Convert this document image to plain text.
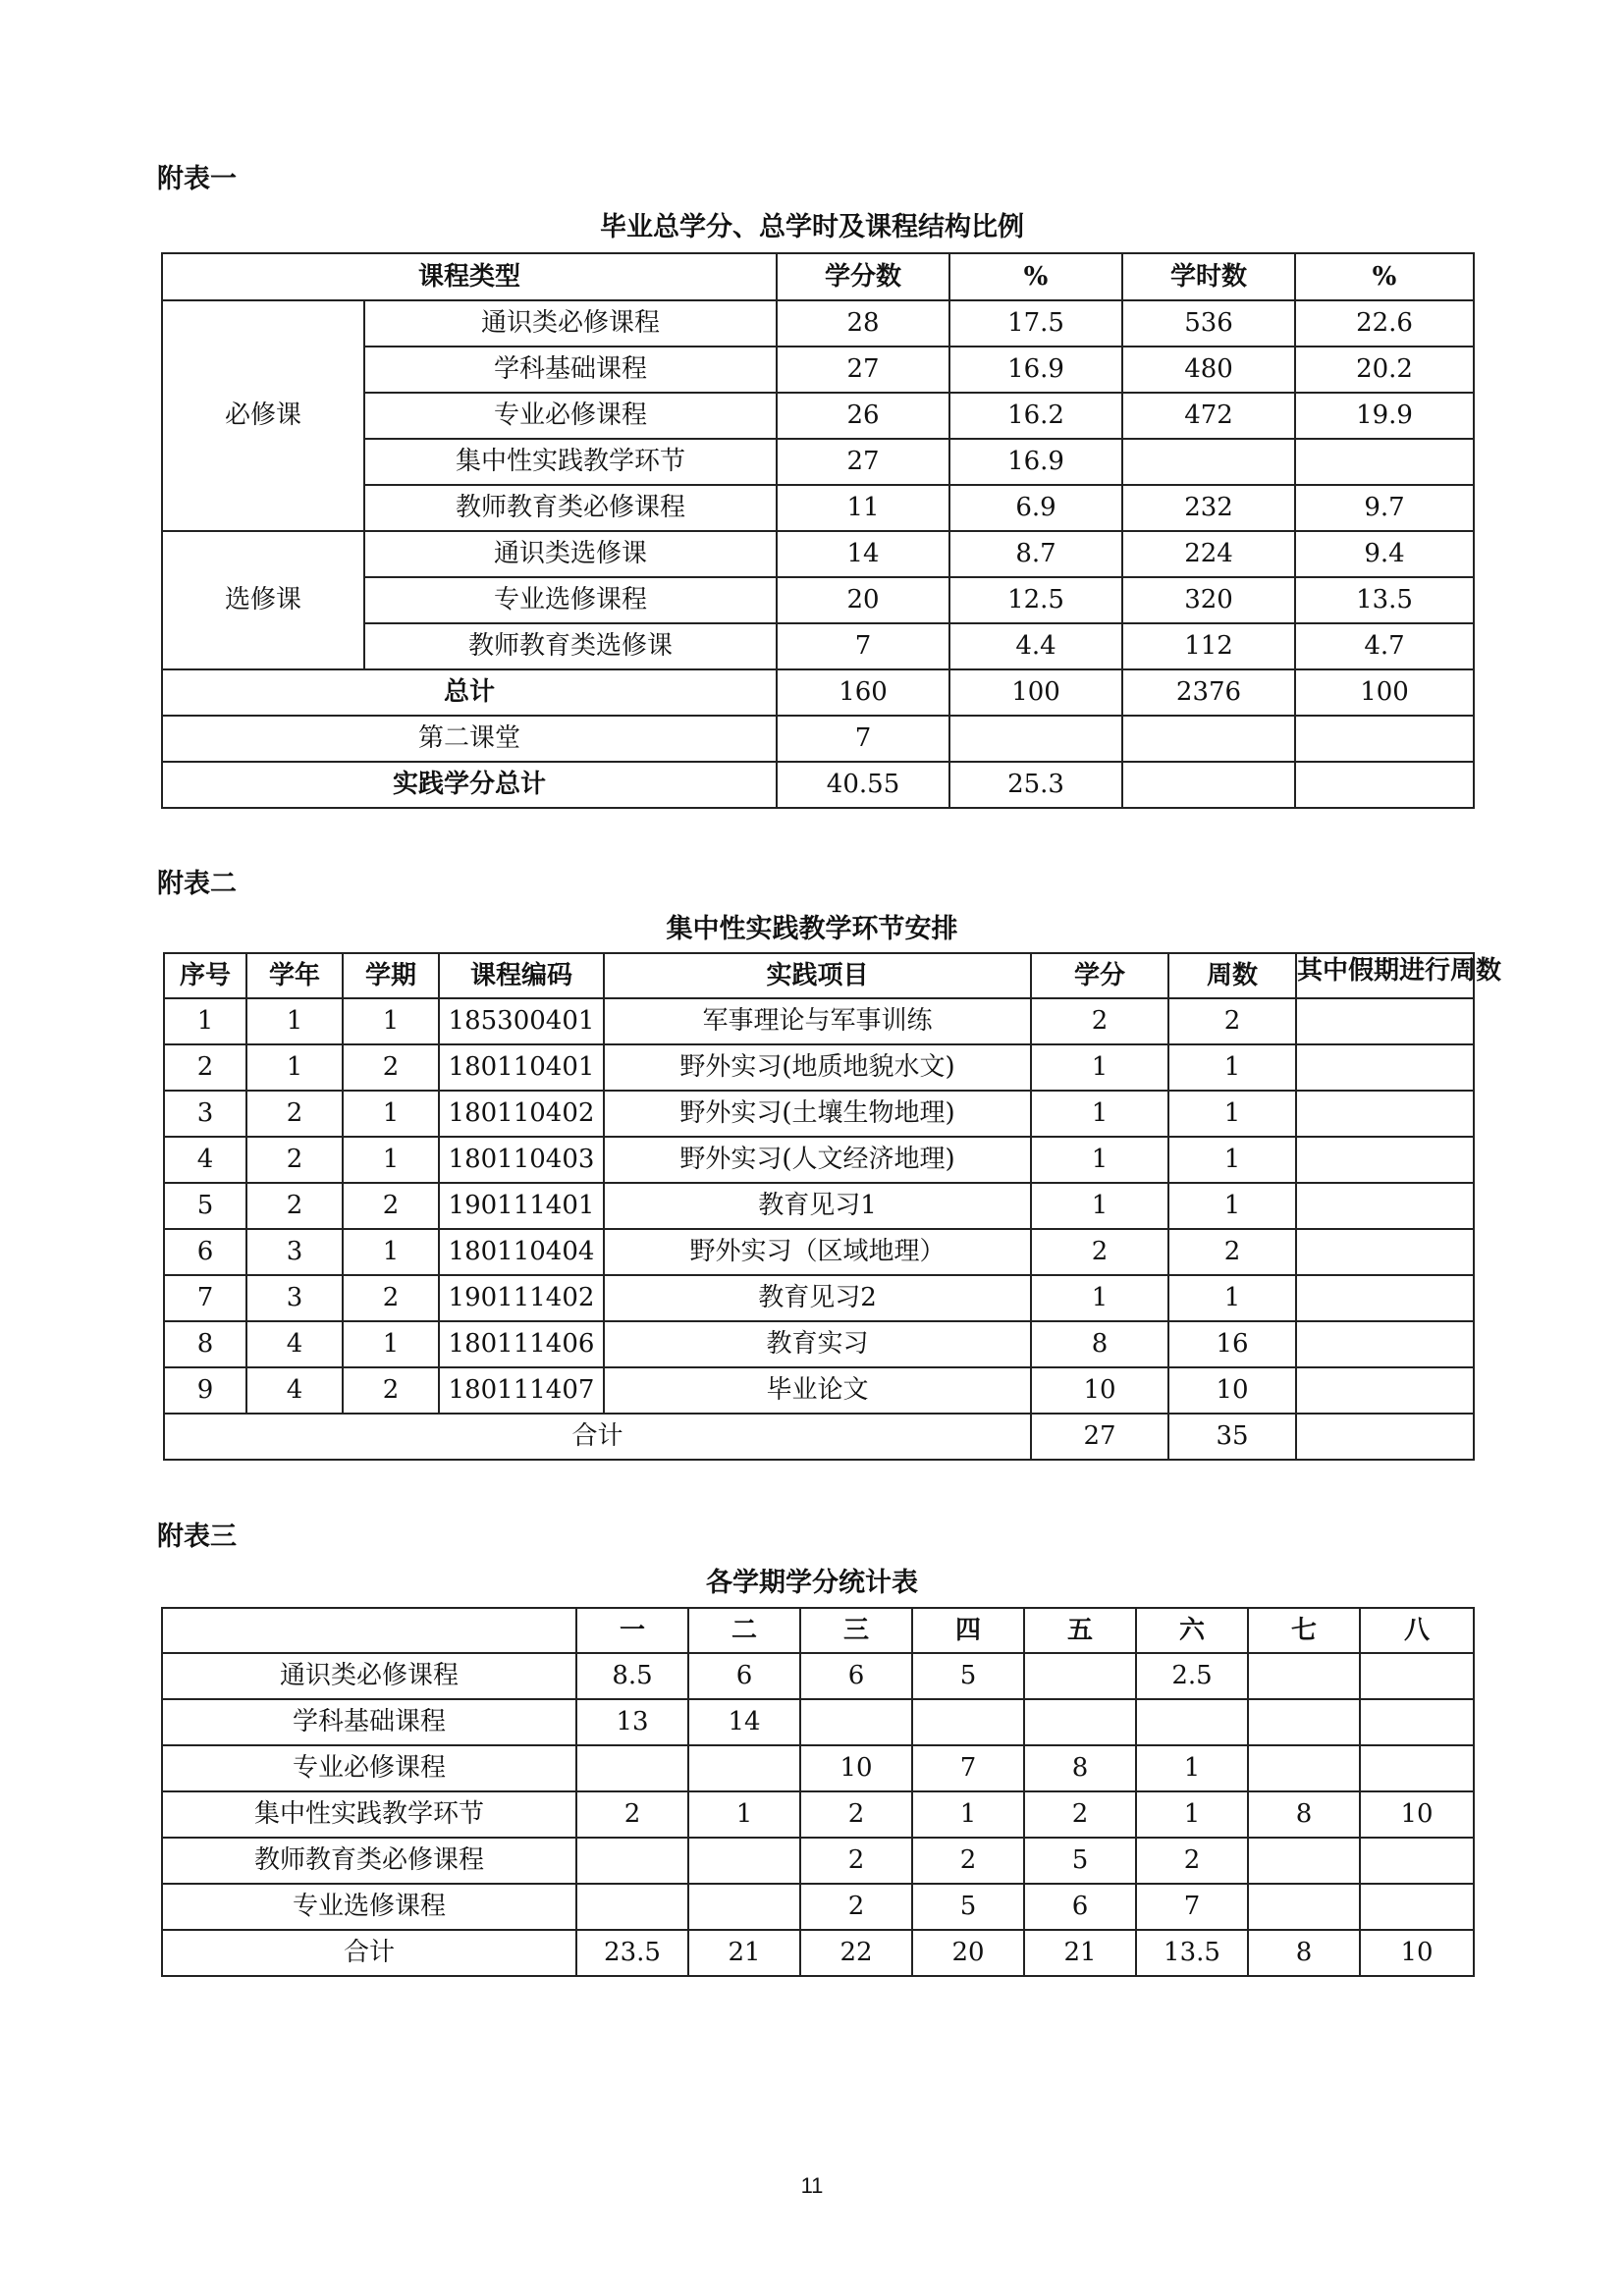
附表一
毕业总学分、总学时及课程结构比例
课程类型		学分数	%	学时数	%
必修课	通识类必修课程	28	17.5	536	22.6
	学科基础课程	27	16.9	480	20.2
	专业必修课程	26	16.2	472	19.9
	集中性实践教学环节	27	16.9		
	教师教育类必修课程	11	6.9	232	9.7
选修课	通识类选修课	14	8.7	224	9.4
	专业选修课程	20	12.5	320	13.5
	教师教育类选修课	7	4.4	112	4.7
总计		160	100	2376	100
第二课堂		7			
实践学分总计		40.55	25.3		
附表二
集中性实践教学环节安排
序号	学年	学期	课程编码	实践项目	学分	周数	其中假期进行周数

1	1	1	185300401	军事理论与军事训练	2	2	
2	1	2	180110401	野外实习(地质地貌水文)	1	1	
3	2	1	180110402	野外实习(土壤生物地理)	1	1	
4	2	1	180110403	野外实习(人文经济地理)	1	1	
5	2	2	190111401	教育见习1	1	1	
6	3	1	180110404	野外实习（区域地理）	2	2	
7	3	2	190111402	教育见习2	1	1	
8	4	1	180111406	教育实习	8	16	
9	4	2	180111407	毕业论文	10	10	
合计					27	35	
附表三
各学期学分统计表
	一	二	三	四	五	六	七	八
通识类必修课程	8.5	6	6	5		2.5		
学科基础课程	13	14						
专业必修课程			10	7	8	1		
集中性实践教学环节	2	1	2	1	2	1	8	10
教师教育类必修课程			2	2	5	2		
专业选修课程			2	5	6	7		
合计	23.5	21	22	20	21	13.5	8	10
11
